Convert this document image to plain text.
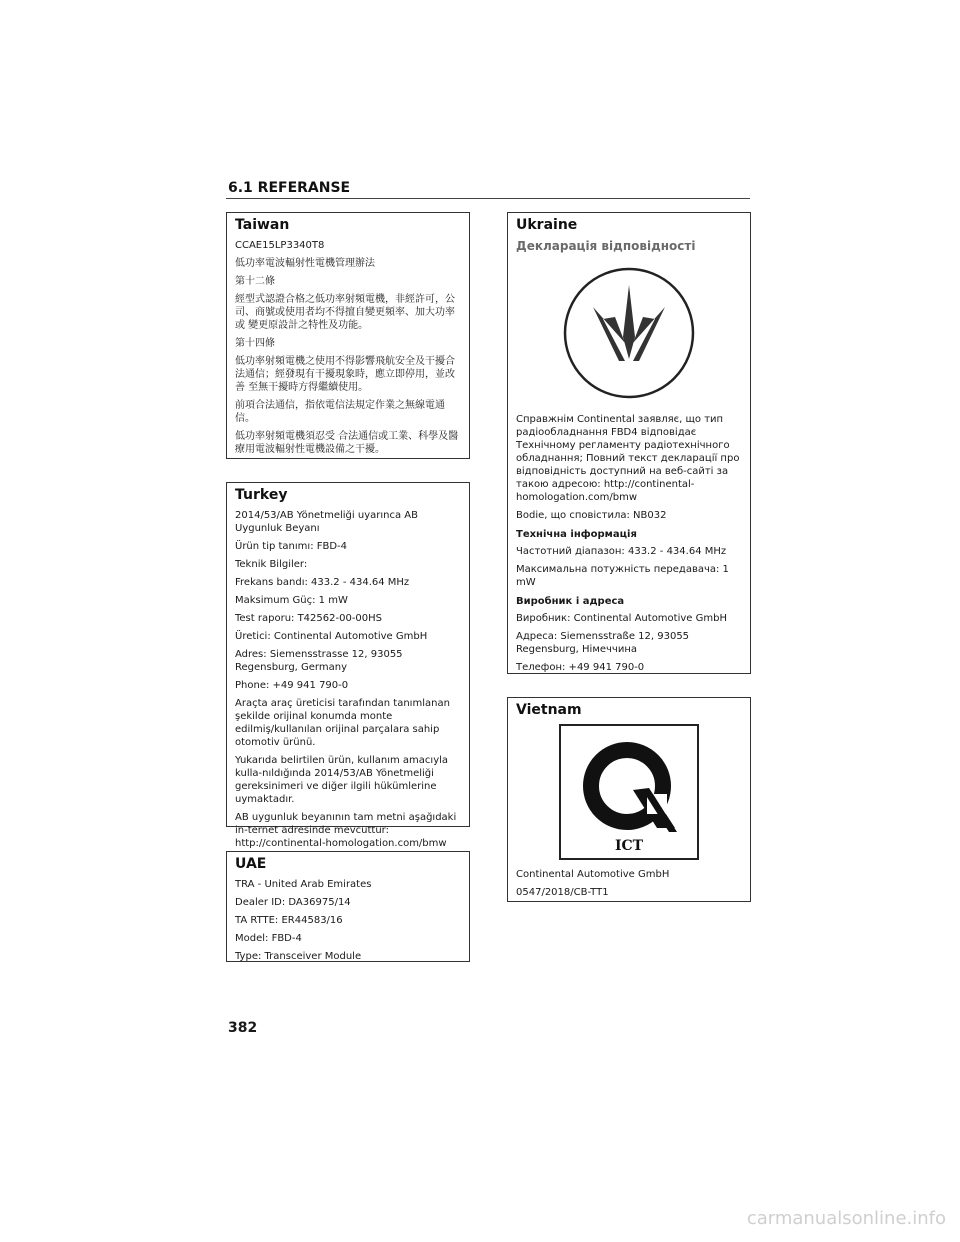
6.1 REFERANSE
Taiwan

CCAE15LP3340T8

低功率電波輻射性電機管理辦法

第十二條

經型式認證合格之低功率射頻電機，非經許可，公司、商號或使用者均不得擅自變更頻率、加大功率或 變更原設計之特性及功能。

第十四條

低功率射頻電機之使用不得影響飛航安全及干擾合法通信；經發現有干擾現象時，應立即停用，並改善 至無干擾時方得繼續使用。

前項合法通信，指依電信法規定作業之無線電通信。

低功率射頻電機須忍受 合法通信或工業、科學及醫療用電波輻射性電機設備之干擾。

Turkey

2014/53/AB Yönetmeliği uyarınca AB Uygunluk Beyanı

Ürün tip tanımı: FBD-4

Teknik Bilgiler:

Frekans bandı: 433.2 - 434.64 MHz

Maksimum Güç: 1 mW

Test raporu: T42562-00-00HS

Üretici: Continental Automotive GmbH

Adres: Siemensstrasse 12, 93055 Regensburg, Germany

Phone: +49 941 790-0

Araçta araç üreticisi tarafından tanımlanan şekilde orijinal konumda monte edilmiş/kullanılan orijinal parçalara sahip otomotiv ürünü.

Yukarıda belirtilen ürün, kullanım amacıyla kulla-nıldığında 2014/53/AB Yönetmeliği gereksinimeri ve diğer ilgili hükümlerine uymaktadır.

AB uygunluk beyanının tam metni aşağıdaki in-ternet adresinde mevcuttur: http://continental-homologation.com/bmw

UAE

TRA - United Arab Emirates

Dealer ID: DA36975/14

TA RTTE: ER44583/16

Model: FBD-4

Type: Transceiver Module

Ukraine
Декларація відповідності

Справжнім Continental заявляє, що тип радіообладнання FBD4 відповідає Технічному регламенту радіотехнічного обладнання; Повний текст декларації про відповідність доступний на веб-сайті за такою адресою: http://continental-homologation.com/bmw

Bodie, що сповістила: NB032

Технічна інформація

Частотний діапазон: 433.2 - 434.64 MHz

Максимальна потужність передавача: 1 mW

Виробник і адреса

Виробник: Continental Automotive GmbH

Адреса: Siemensstraße 12, 93055 Regensburg, Німеччина

Телефон: +49 941 790-0

Vietnam
ICT

Continental Automotive GmbH

0547/2018/CB-TT1

382
carmanualsonline.info
